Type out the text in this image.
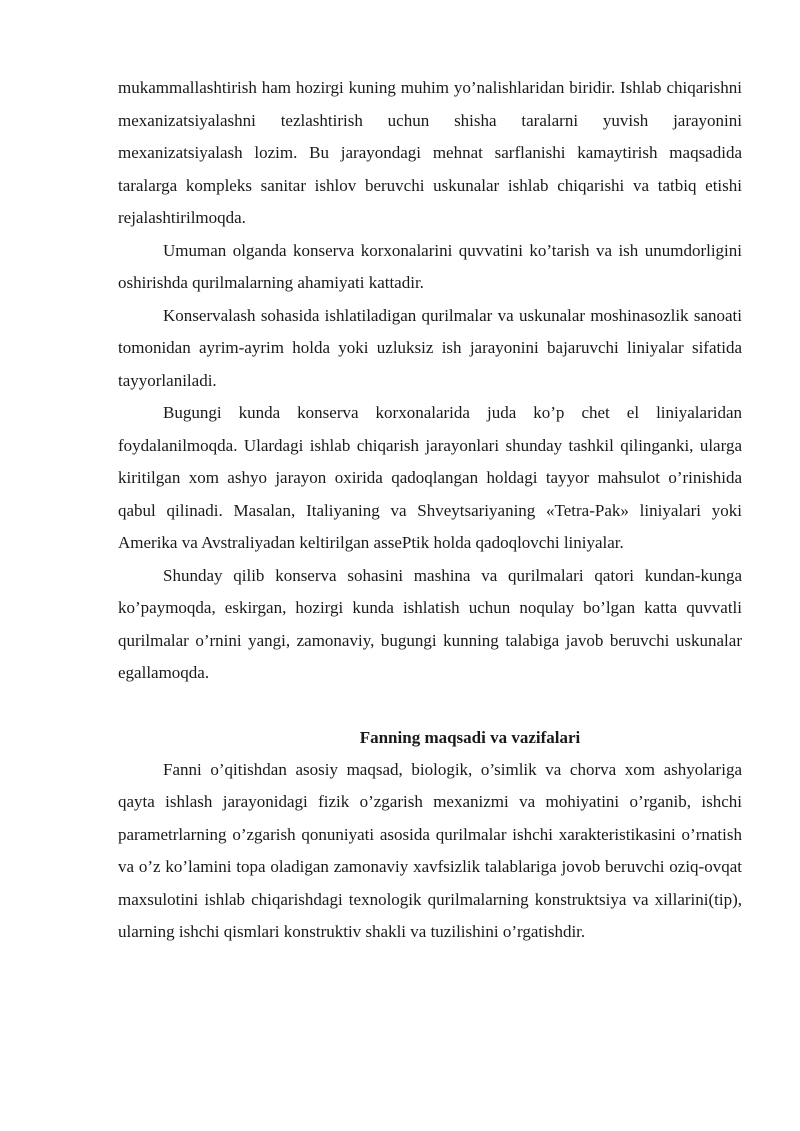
mukammallashtirish ham hozirgi kuning muhim yo’nalishlaridan biridir. Ishlab chiqarishni mexanizatsiyalashni tezlashtirish uchun shisha taralarni yuvish jarayonini mexanizatsiyalash lozim. Bu jarayondagi mehnat sarflanishi kamaytirish maqsadida taralarga kompleks sanitar ishlov beruvchi uskunalar ishlab chiqarishi va tatbiq etishi rejalashtirilmoqda.

Umuman olganda konserva korxonalarini quvvatini ko’tarish va ish unumdorligini oshirishda qurilmalarning ahamiyati kattadir.

Konservalash sohasida ishlatiladigan qurilmalar va uskunalar moshinasozlik sanoati tomonidan ayrim-ayrim holda yoki uzluksiz ish jarayonini bajaruvchi liniyalar sifatida tayyorlaniladi.

Bugungi kunda konserva korxonalarida juda ko’p chet el liniyalaridan foydalanilmoqda. Ulardagi ishlab chiqarish jarayonlari shunday tashkil qilinganki, ularga kiritilgan xom ashyo jarayon oxirida qadoqlangan holdagi tayyor mahsulot o’rinishida qabul qilinadi. Masalan, Italiyaning va Shveytsariyaning «Tetra-Pak» liniyalari yoki Amerika va Avstraliyadan keltirilgan assePtik holda qadoqlovchi liniyalar.

Shunday qilib konserva sohasini mashina va qurilmalari qatori kundan-kunga ko’paymoqda, eskirgan, hozirgi kunda ishlatish uchun noqulay bo’lgan katta quvvatli qurilmalar o’rnini yangi, zamonaviy, bugungi kunning talabiga javob beruvchi uskunalar egallamoqda.

Fanning maqsadi va vazifalari

Fanni o’qitishdan asosiy maqsad, biologik, o’simlik va chorva xom ashyolariga qayta ishlash jarayonidagi fizik o’zgarish mexanizmi va mohiyatini o’rganib, ishchi parametrlarning o’zgarish qonuniyati asosida qurilmalar ishchi xarakteristikasini o’rnatish va o’z ko’lamini topa oladigan zamonaviy xavfsizlik talablariga jovob beruvchi oziq-ovqat maxsulotini ishlab chiqarishdagi texnologik qurilmalarning konstruktsiya va xillarini(tip), ularning ishchi qismlari konstruktiv shakli va tuzilishini o’rgatishdir.
